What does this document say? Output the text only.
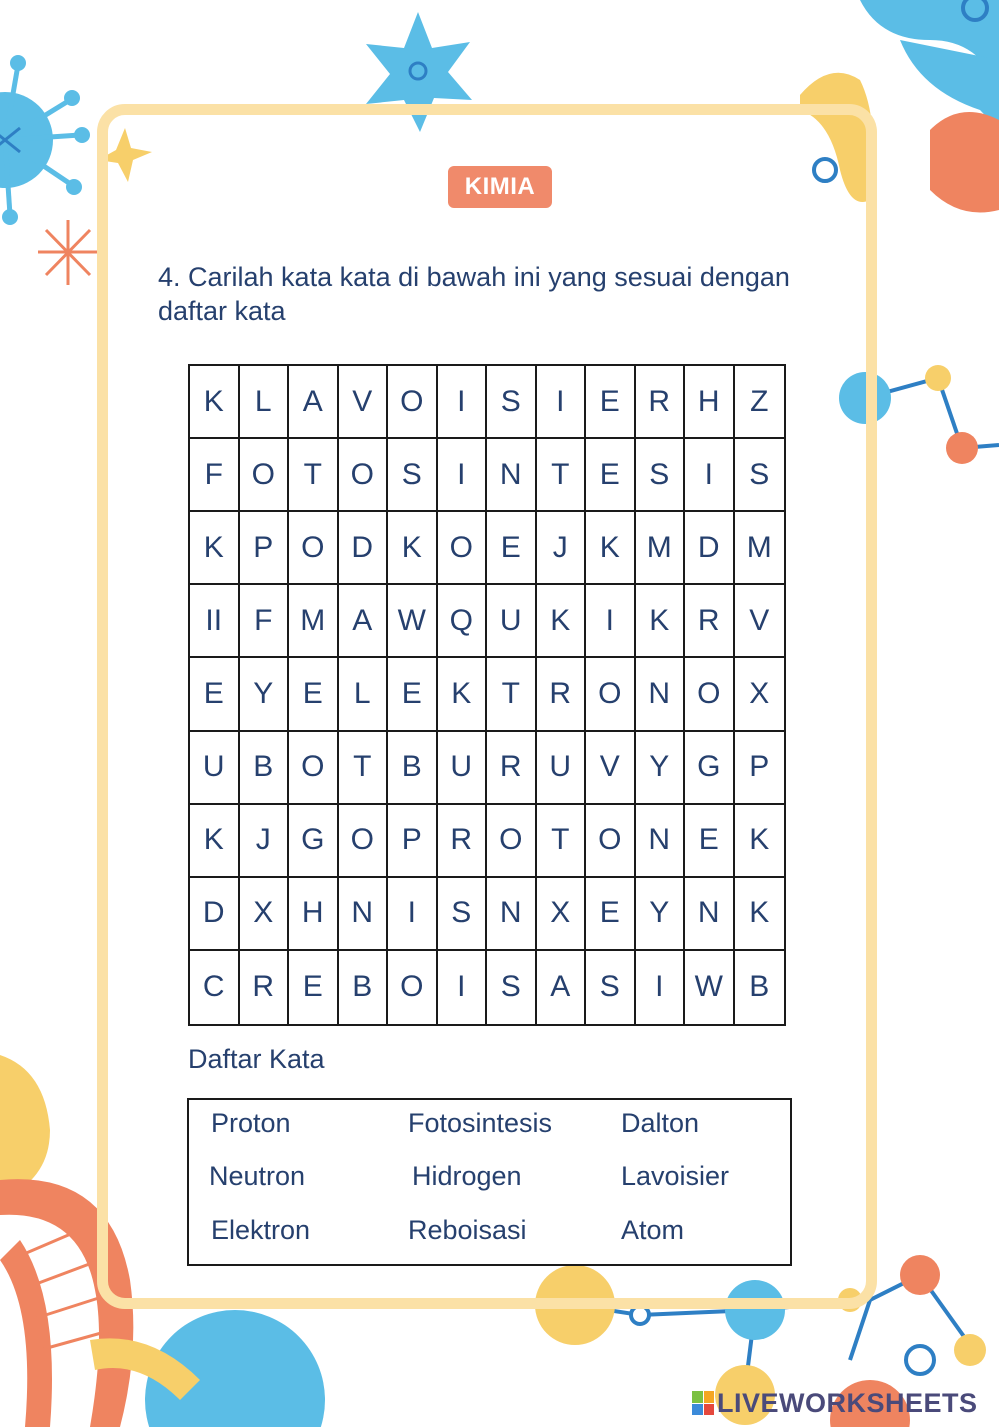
KIMIA
4. Carilah kata kata di bawah ini yang sesuai dengan daftar kata
K	L	A V O	I	S	I	E R H	Z
F O T O S	I	N T	E S	I	S
K P O D K O E	J	K M D M
II	F M A W Q U K	I	K R V
E Y E	L	E K	T R O N O X
U B O T	B U R U V Y G P
K	J	G O P R O T O N E	K
D X H N	I	S N X E Y N K
C R E B O	I	S A S	I	W B
Daftar Kata
Proton	Fotosintesis	Dalton
Neutron	Hidrogen	Lavoisier
Elektron	Reboisasi	Atom
LIVEWORKSHEETS
